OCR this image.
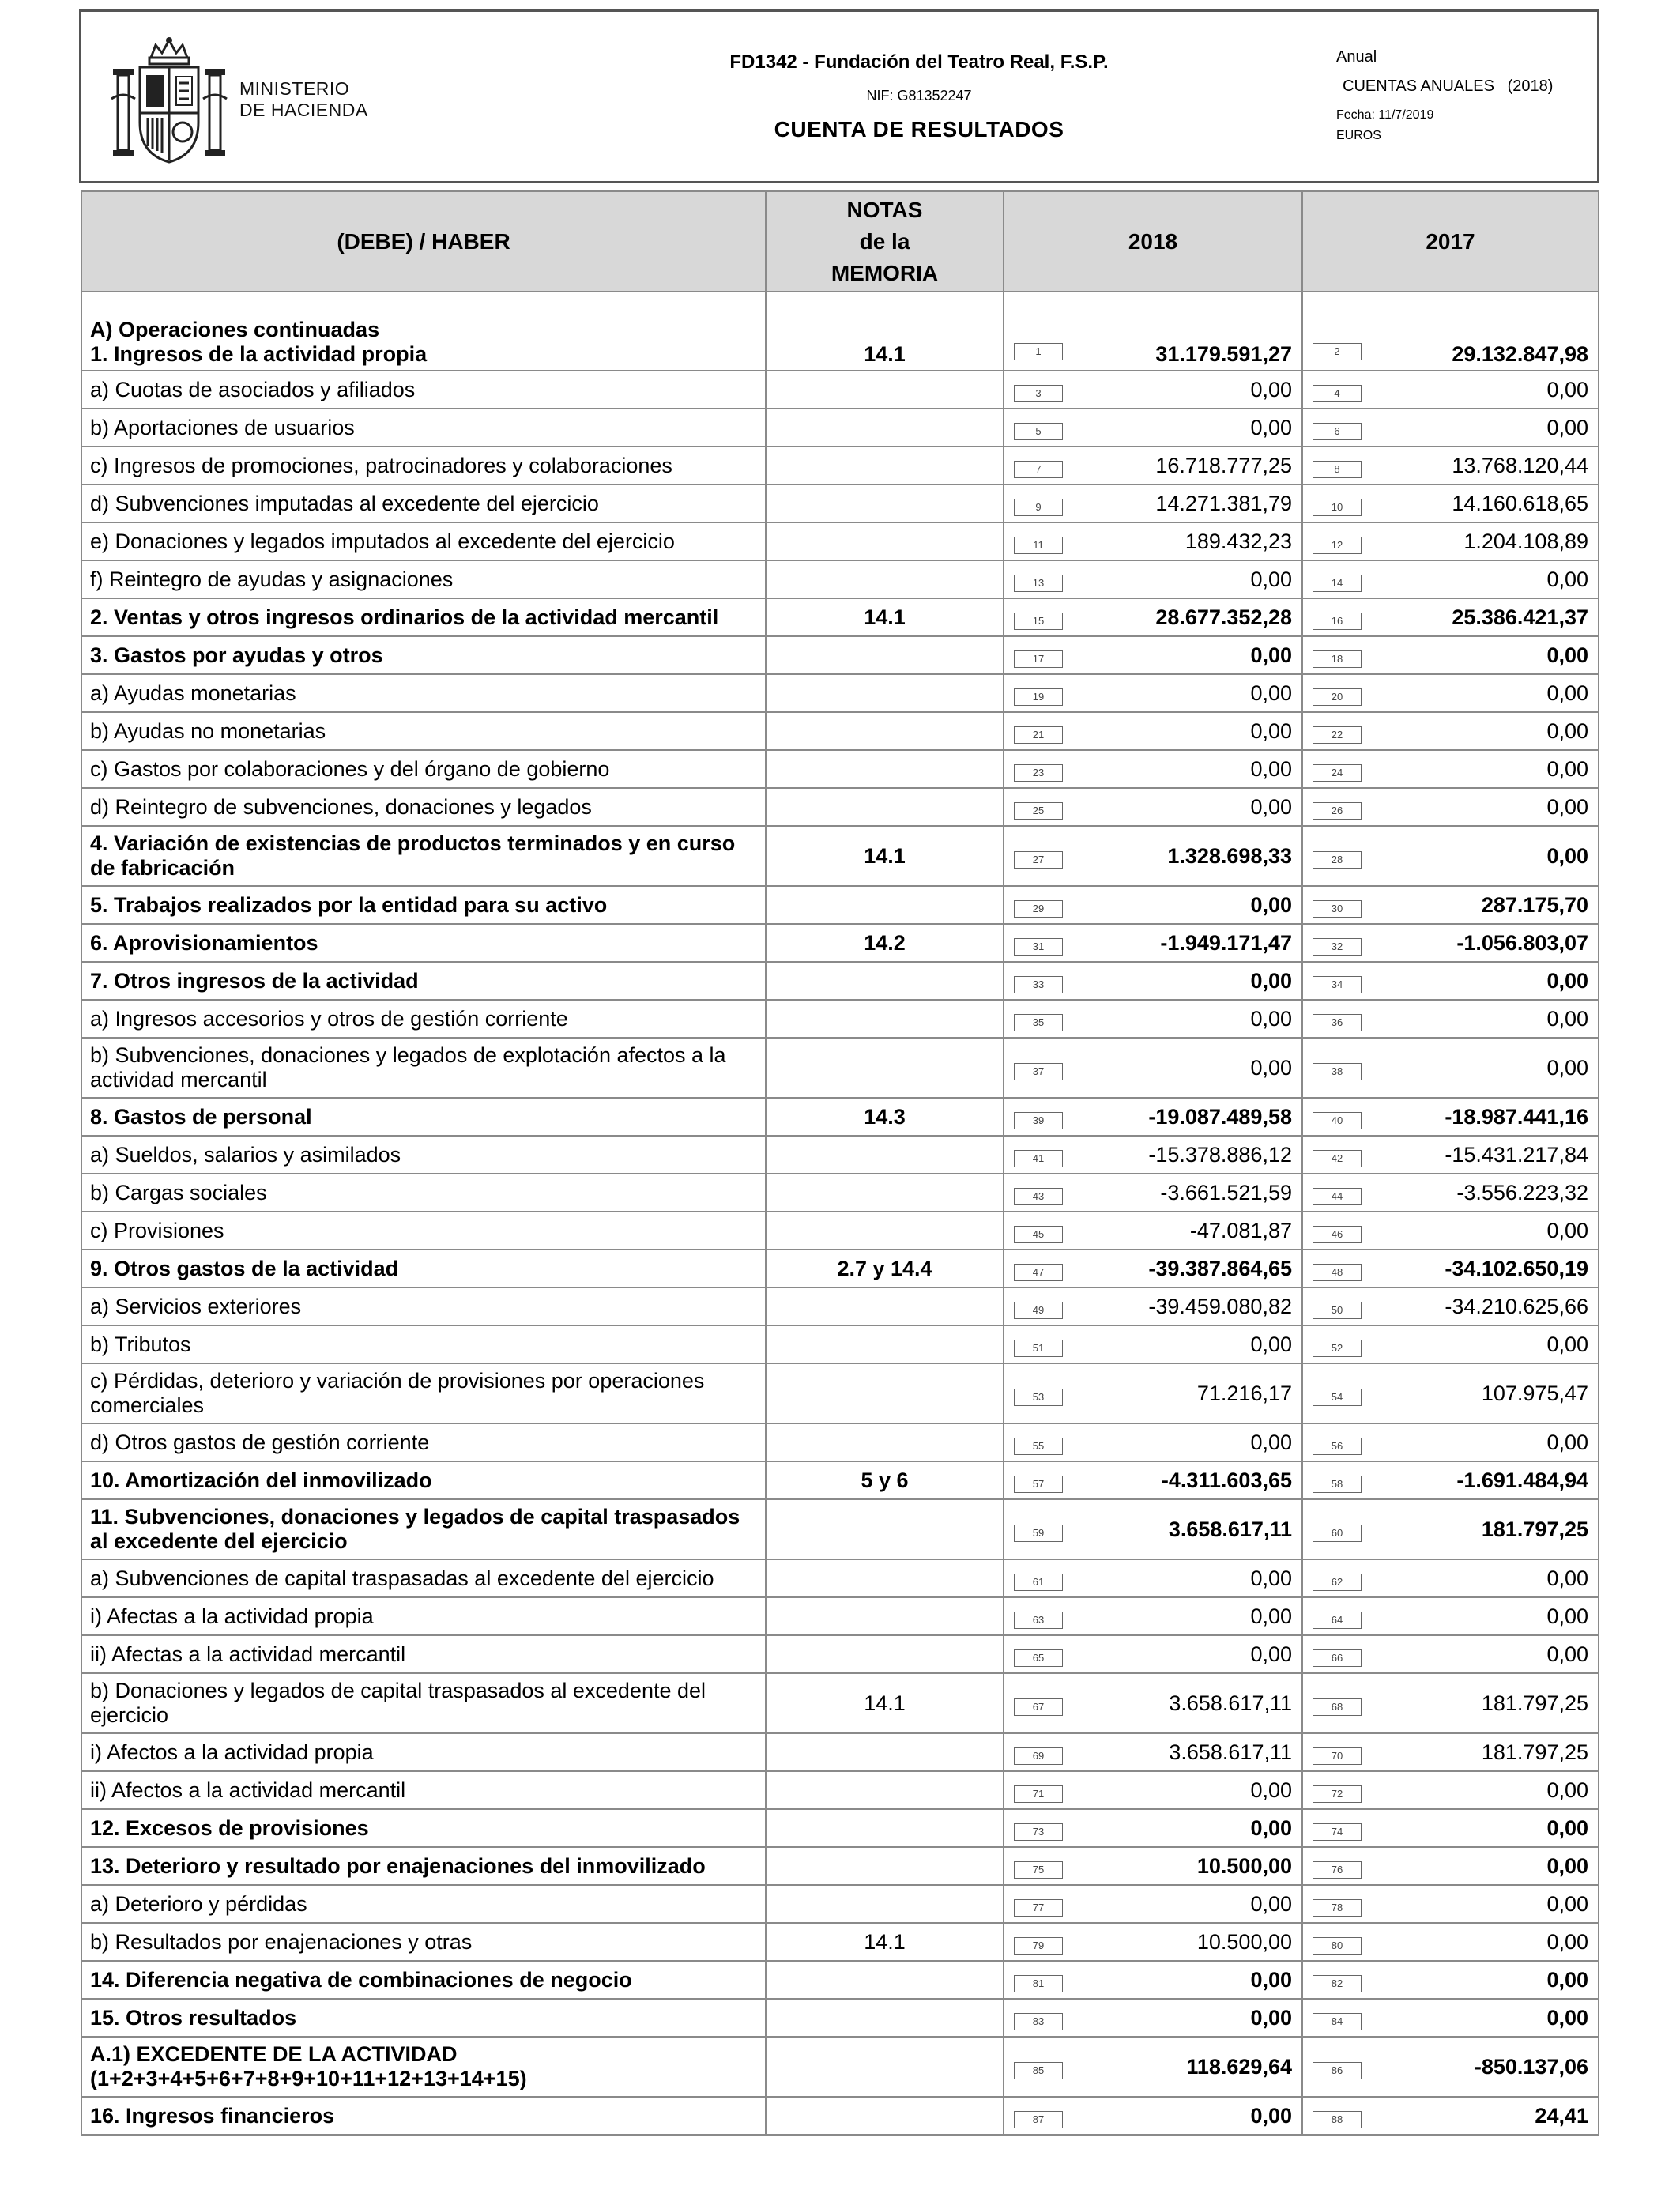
MINISTERIO
DE HACIENDA
FD1342 - Fundación del Teatro Real, F.S.P.
NIF: G81352247
CUENTA DE RESULTADOS
Anual
CUENTAS ANUALES   (2018)
Fecha: 11/7/2019
EUROS
(DEBE) / HABER	NOTAS
de la
MEMORIA	2018	2017

A) Operaciones continuadas
1. Ingresos de la actividad propia	14.1	1 31.179.591,27	2 29.132.847,98
a) Cuotas de asociados y afiliados		3 0,00	4 0,00
b) Aportaciones de usuarios		5 0,00	6 0,00
c) Ingresos de promociones, patrocinadores y colaboraciones		7 16.718.777,25	8 13.768.120,44
d) Subvenciones imputadas al excedente del ejercicio		9 14.271.381,79	10 14.160.618,65
e) Donaciones y legados imputados al excedente del ejercicio		11 189.432,23	12 1.204.108,89
f) Reintegro de ayudas y asignaciones		13 0,00	14 0,00
2. Ventas y otros ingresos ordinarios de la actividad mercantil	14.1	15 28.677.352,28	16 25.386.421,37
3. Gastos por ayudas y otros		17 0,00	18 0,00
a) Ayudas monetarias		19 0,00	20 0,00
b) Ayudas no monetarias		21 0,00	22 0,00
c) Gastos por colaboraciones y del órgano de gobierno		23 0,00	24 0,00
d) Reintegro de subvenciones, donaciones y legados		25 0,00	26 0,00
4. Variación de existencias de productos terminados y en curso de fabricación	14.1	27 1.328.698,33	28 0,00
5. Trabajos realizados por la entidad para su activo		29 0,00	30 287.175,70
6. Aprovisionamientos	14.2	31 -1.949.171,47	32 -1.056.803,07
7. Otros ingresos de la actividad		33 0,00	34 0,00
a) Ingresos accesorios y otros de gestión corriente		35 0,00	36 0,00
b) Subvenciones, donaciones y legados de explotación afectos a la actividad mercantil		37 0,00	38 0,00
8. Gastos de personal	14.3	39 -19.087.489,58	40 -18.987.441,16
a) Sueldos, salarios y asimilados		41 -15.378.886,12	42 -15.431.217,84
b) Cargas sociales		43 -3.661.521,59	44 -3.556.223,32
c) Provisiones		45 -47.081,87	46 0,00
9. Otros gastos de la actividad	2.7 y 14.4	47 -39.387.864,65	48 -34.102.650,19
a) Servicios exteriores		49 -39.459.080,82	50 -34.210.625,66
b) Tributos		51 0,00	52 0,00
c) Pérdidas, deterioro y variación de provisiones por operaciones comerciales		53 71.216,17	54 107.975,47
d) Otros gastos de gestión corriente		55 0,00	56 0,00
10. Amortización del inmovilizado	5 y 6	57 -4.311.603,65	58 -1.691.484,94
11. Subvenciones, donaciones y legados de capital traspasados al excedente del ejercicio		59 3.658.617,11	60 181.797,25
a) Subvenciones de capital traspasadas al excedente del ejercicio		61 0,00	62 0,00
i) Afectas a la actividad propia		63 0,00	64 0,00
ii) Afectas a la actividad mercantil		65 0,00	66 0,00
b) Donaciones y legados de capital traspasados al excedente del ejercicio	14.1	67 3.658.617,11	68 181.797,25
i) Afectos a la actividad propia		69 3.658.617,11	70 181.797,25
ii) Afectos a la actividad mercantil		71 0,00	72 0,00
12. Excesos de provisiones		73 0,00	74 0,00
13. Deterioro y resultado por enajenaciones del inmovilizado		75 10.500,00	76 0,00
a) Deterioro y pérdidas		77 0,00	78 0,00
b) Resultados por enajenaciones y otras	14.1	79 10.500,00	80 0,00
14. Diferencia negativa de combinaciones de negocio		81 0,00	82 0,00
15. Otros resultados		83 0,00	84 0,00
A.1) EXCEDENTE DE LA ACTIVIDAD (1+2+3+4+5+6+7+8+9+10+11+12+13+14+15)		85 118.629,64	86 -850.137,06
16. Ingresos financieros		87 0,00	88 24,41
